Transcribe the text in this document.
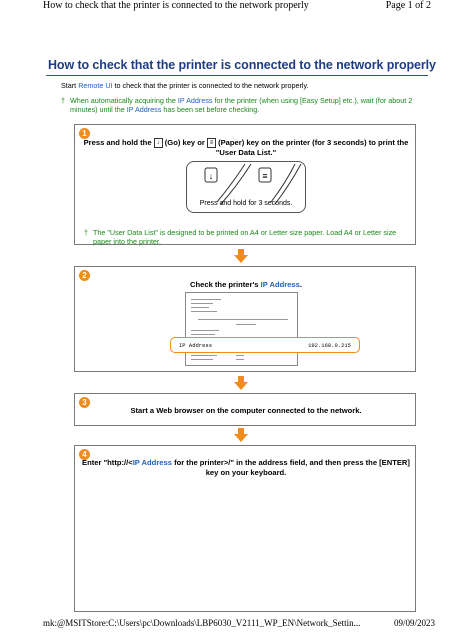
How to check that the printer is connected to the network properly	Page 1 of 2
How to check that the printer is connected to the network properly
Start Remote UI to check that the printer is connected to the network properly.
† When automatically acquiring the IP Address for the printer (when using [Easy Setup] etc.), wait (for about 2 minutes) until the IP Address has been set before checking.
1
Press and hold the ↓ (Go) key or ≡ (Paper) key on the printer (for 3 seconds) to print the
"User Data List."
↓	≡
Press and hold for 3 seconds.
† The "User Data List" is designed to be printed on A4 or Letter size paper. Load A4 or Letter size paper into the printer.
2
Check the printer's IP Address.
IP Address	192.168.0.215
3
Start a Web browser on the computer connected to the network.
4
Enter "http://<IP Address for the printer>/" in the address field, and then press the [ENTER] key on your keyboard.
mk:@MSITStore:C:\Users\pc\Downloads\LBP6030_V2111_WP_EN\Network_Settin...	09/09/2023
